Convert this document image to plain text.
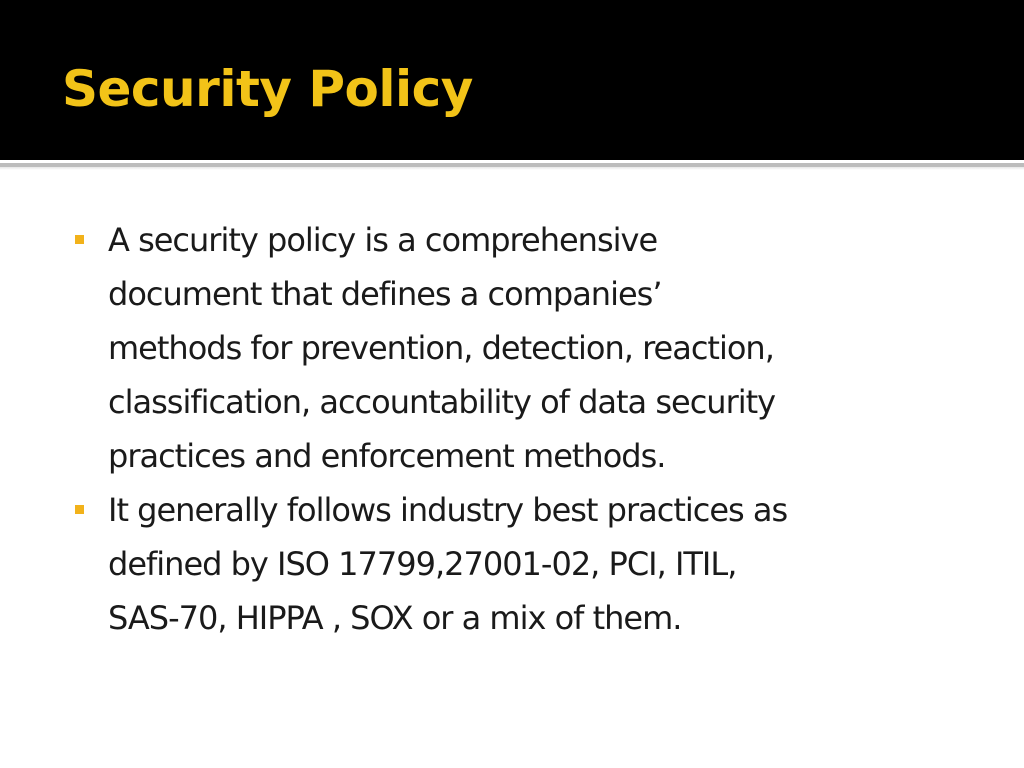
Security Policy
A security policy is a comprehensive
document that defines a companies’
methods for prevention, detection, reaction,
classification, accountability of data security
practices and enforcement methods.
It generally follows industry best practices as
defined by ISO 17799,27001-02, PCI, ITIL,
SAS-70, HIPPA , SOX or a mix of them.
